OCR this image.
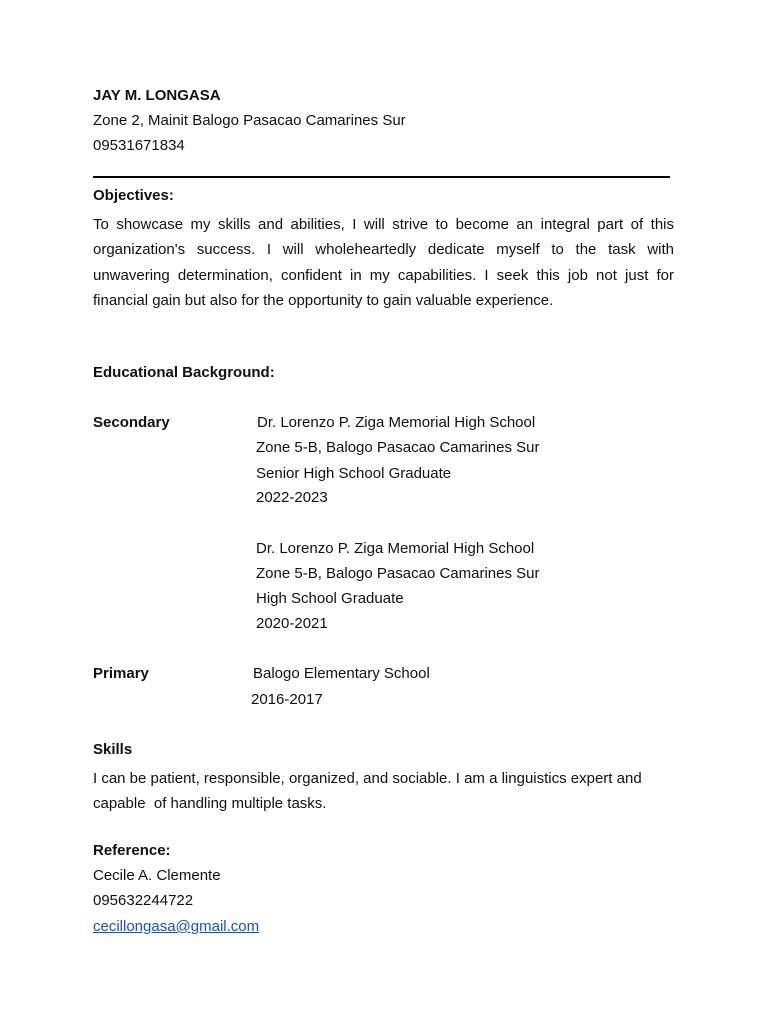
JAY M. LONGASA
Zone 2, Mainit Balogo Pasacao Camarines Sur
09531671834
Objectives:
To showcase my skills and abilities, I will strive to become an integral part of this organization's success. I will wholeheartedly dedicate myself to the task with unwavering determination, confident in my capabilities. I seek this job not just for financial gain but also for the opportunity to gain valuable experience.
Educational Background:
Secondary	Dr. Lorenzo P. Ziga Memorial High School
Zone 5-B, Balogo Pasacao Camarines Sur
Senior High School Graduate
2022-2023
Dr. Lorenzo P. Ziga Memorial High School
Zone 5-B, Balogo Pasacao Camarines Sur
High School Graduate
2020-2021
Primary	Balogo Elementary School
2016-2017
Skills
I can be patient, responsible, organized, and sociable. I am a linguistics expert and capable  of handling multiple tasks.
Reference:
Cecile A. Clemente
095632244722
cecillongasa@gmail.com
